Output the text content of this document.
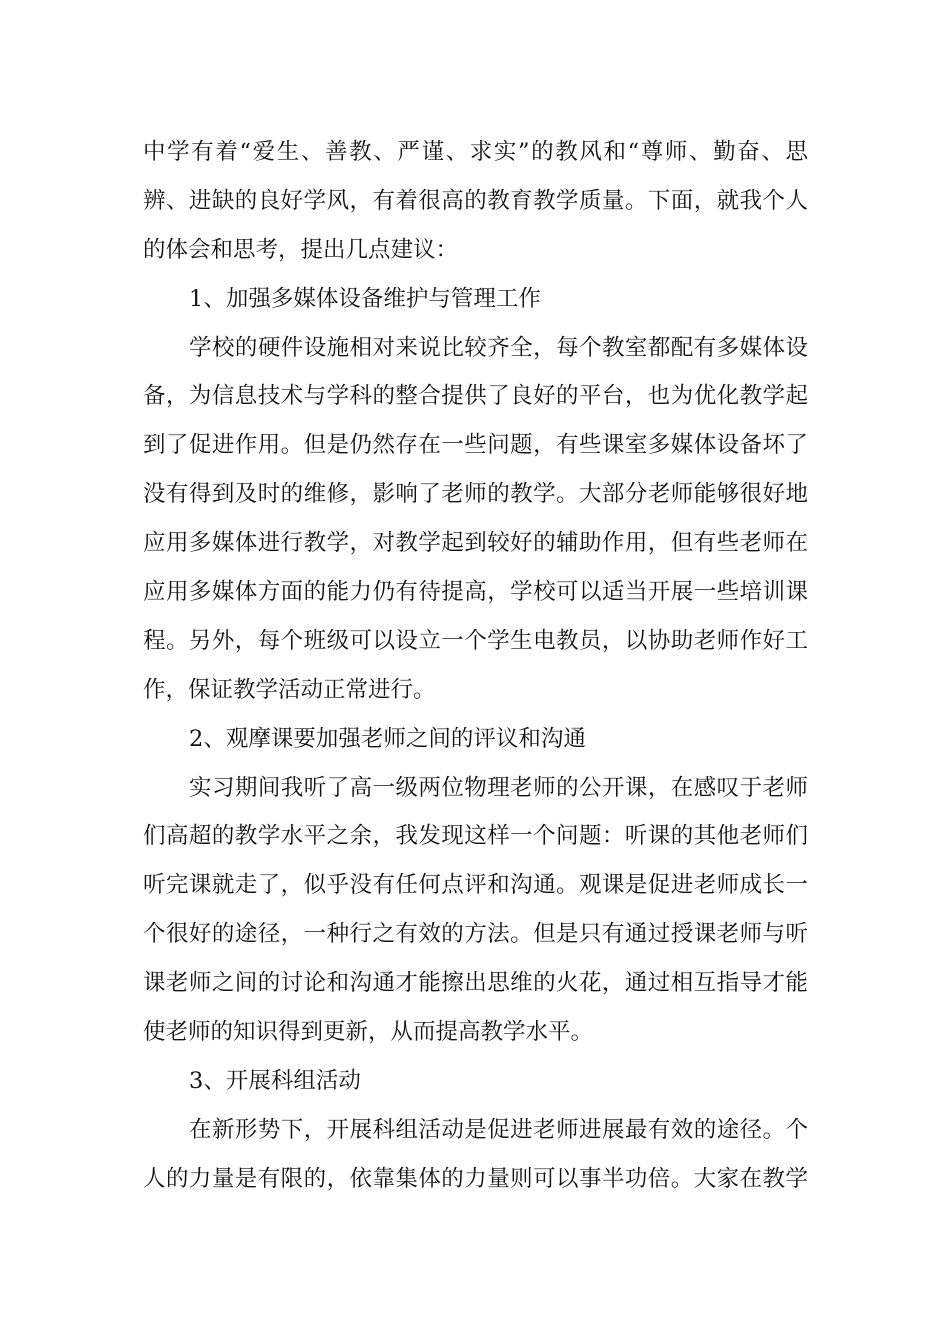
中学有着“爱生、善教、严谨、求实”的教风和“尊师、勤奋、思
辨、进缺的良好学风，有着很高的教育教学质量。下面，就我个人
的体会和思考，提出几点建议：
1、加强多媒体设备维护与管理工作
学校的硬件设施相对来说比较齐全，每个教室都配有多媒体设
备，为信息技术与学科的整合提供了良好的平台，也为优化教学起
到了促进作用。但是仍然存在一些问题，有些课室多媒体设备坏了
没有得到及时的维修，影响了老师的教学。大部分老师能够很好地
应用多媒体进行教学，对教学起到较好的辅助作用，但有些老师在
应用多媒体方面的能力仍有待提高，学校可以适当开展一些培训课
程。另外，每个班级可以设立一个学生电教员，以协助老师作好工
作，保证教学活动正常进行。
2、观摩课要加强老师之间的评议和沟通
实习期间我听了高一级两位物理老师的公开课，在感叹于老师
们高超的教学水平之余，我发现这样一个问题：听课的其他老师们
听完课就走了，似乎没有任何点评和沟通。观课是促进老师成长一
个很好的途径，一种行之有效的方法。但是只有通过授课老师与听
课老师之间的讨论和沟通才能擦出思维的火花，通过相互指导才能
使老师的知识得到更新，从而提高教学水平。
3、开展科组活动
在新形势下，开展科组活动是促进老师进展最有效的途径。个
人的力量是有限的，依靠集体的力量则可以事半功倍。大家在教学
